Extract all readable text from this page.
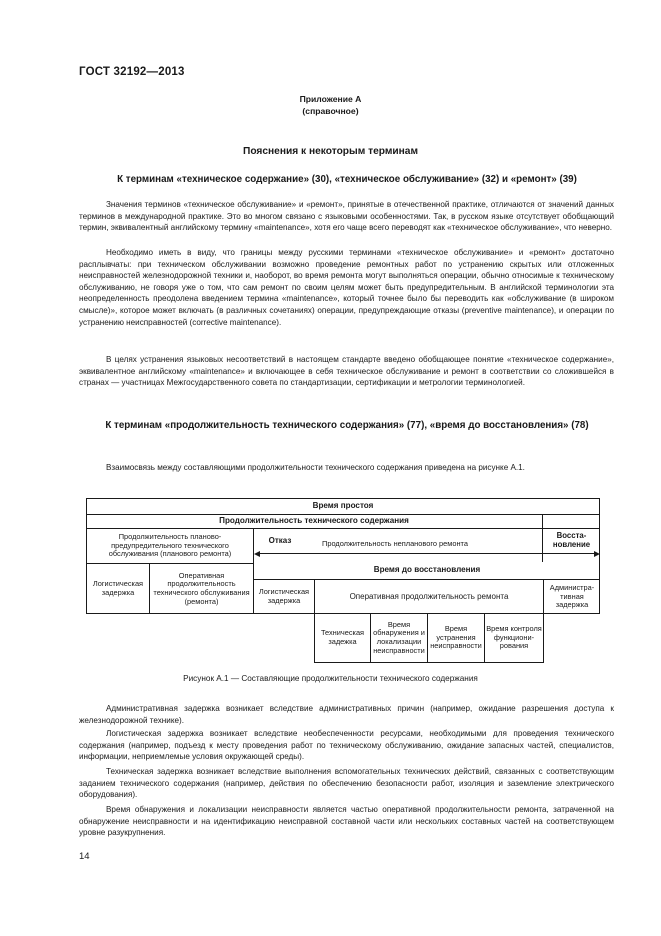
ГОСТ 32192—2013
Приложение А
(справочное)
Пояснения к некоторым терминам
К терминам «техническое содержание» (30), «техническое обслуживание» (32) и «ремонт» (39)

Значения терминов «техническое обслуживание» и «ремонт», принятые в отечественной практике, отличаются от значений данных терминов в международной практике. Это во многом связано с языковыми особенностями. Так, в русском языке отсутствует обобщающий термин, эквивалентный английскому термину «maintenance», хотя его чаще всего переводят как «техническое обслуживание», что неверно.

Необходимо иметь в виду, что границы между русскими терминами «техническое обслуживание» и «ремонт» достаточно расплывчаты: при техническом обслуживании возможно проведение ремонтных работ по устранению скрытых или отложенных неисправностей железнодорожной техники и, наоборот, во время ремонта могут выполняться операции, обычно относимые к техническому обслуживанию, не говоря уже о том, что сам ремонт по своим целям может быть предупредительным. В английской терминологии эта неопределенность преодолена введением термина «maintenance», который точнее было бы переводить как «обслуживание (в широком смысле)», которое может включать (в различных сочетаниях) операции, предупреждающие отказы (preventive maintenance), и операции по устранению неисправностей (corrective maintenance).

В целях устранения языковых несоответствий в настоящем стандарте введено обобщающее понятие «техническое содержание», эквивалентное английскому «maintenance» и включающее в себя техническое обслуживание и ремонт в соответствии со сложившейся в странах — участницах Межгосударственного совета по стандартизации, сертификации и метрологии терминологией.

К терминам «продолжительность технического содержания» (77), «время до восстановления» (78)

Взаимосвязь между составляющими продолжительности технического содержания приведена на рисунке А.1.

Время простоя
Продолжительность технического содержания
Продолжительность планово-предупредительного технического обслуживания (планового ремонта)
Отказ	Продолжительность непланового ремонта
Восста-новление
Время до восстановления
Логистическая задержка
Оперативная продолжительность технического обслуживания (ремонта)
Логистическая задержка	Оперативная продолжительность ремонта
Администра-тивная задержка
Техническая задежка
Время обнаружения и локализации неисправности
Время устранения неисправности
Время контроля функциони-рования
Рисунок А.1 — Составляющие продолжительности технического содержания

Административная задержка возникает вследствие административных причин (например, ожидание разрешения доступа к железнодорожной технике).

Логистическая задержка возникает вследствие необеспеченности ресурсами, необходимыми для проведения технического содержания (например, подъезд к месту проведения работ по техническому обслуживанию, ожидание запасных частей, специалистов, информации, неприемлемые условия окружающей среды).

Техническая задержка возникает вследствие выполнения вспомогательных технических действий, связанных с соответствующим заданием технического содержания (например, действия по обеспечению безопасности работ, изоляция и заземление электрического оборудования).

Время обнаружения и локализации неисправности является частью оперативной продолжительности ремонта, затраченной на обнаружение неисправности и на идентификацию неисправной составной части или нескольких составных частей на соответствующем уровне разукрупнения.

14
